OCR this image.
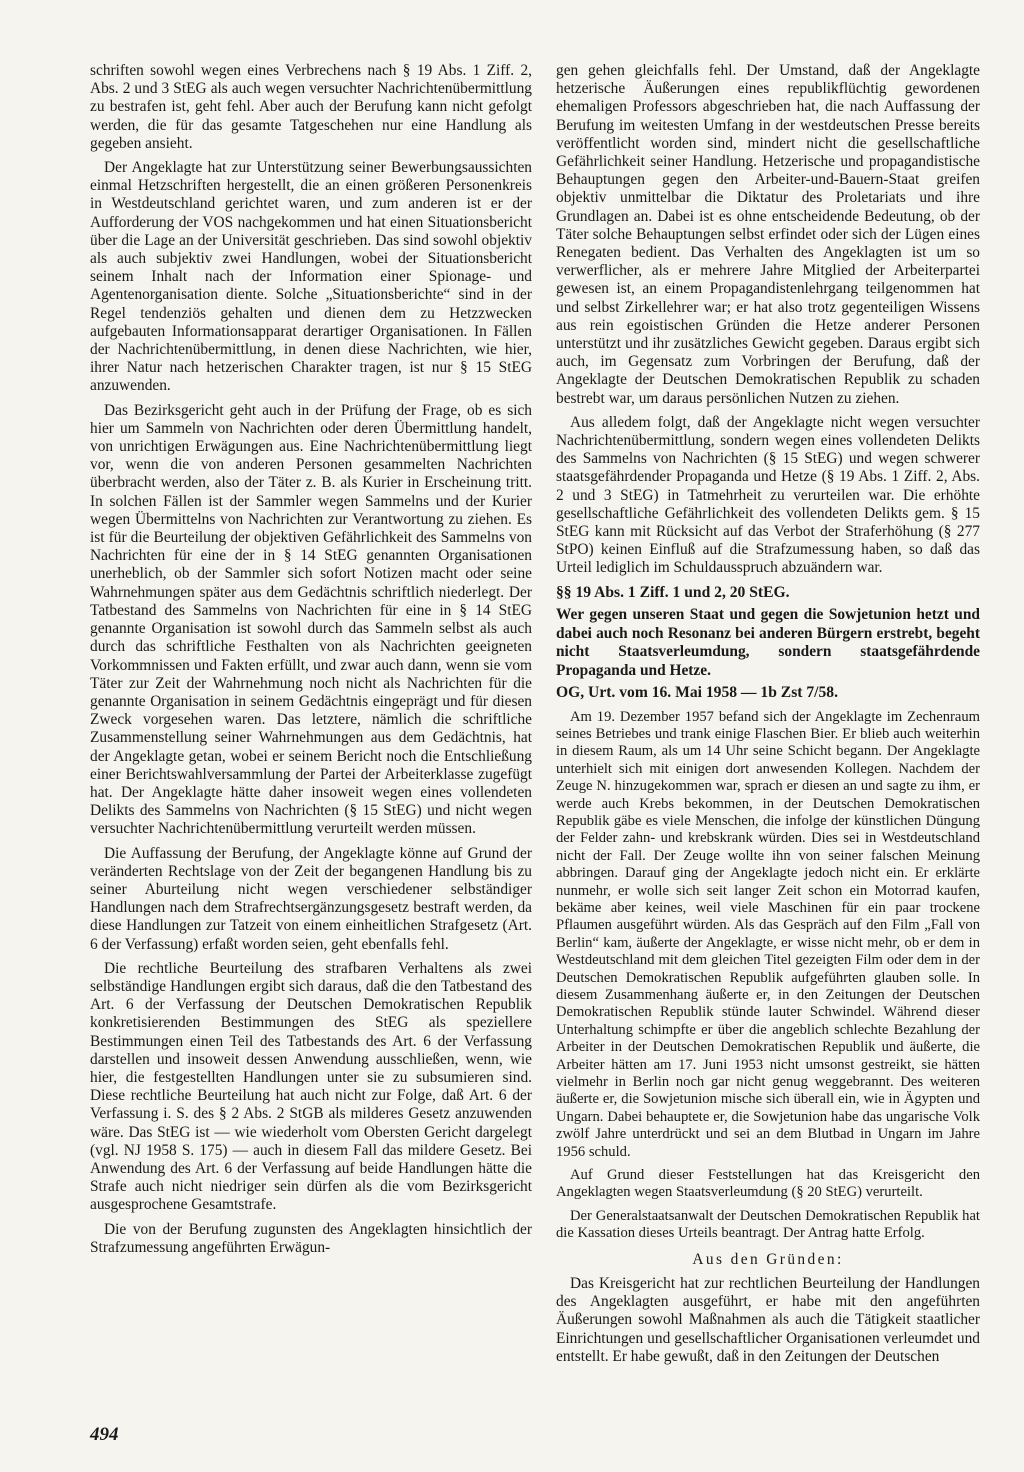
schriften sowohl wegen eines Verbrechens nach § 19 Abs. 1 Ziff. 2, Abs. 2 und 3 StEG als auch wegen versuchter Nachrichtenübermittlung zu bestrafen ist, geht fehl. Aber auch der Berufung kann nicht gefolgt werden, die für das gesamte Tatgeschehen nur eine Handlung als gegeben ansieht.

Der Angeklagte hat zur Unterstützung seiner Bewerbungsaussichten einmal Hetzschriften hergestellt, die an einen größeren Personenkreis in Westdeutschland gerichtet waren, und zum anderen ist er der Aufforderung der VOS nachgekommen und hat einen Situationsbericht über die Lage an der Universität geschrieben. Das sind sowohl objektiv als auch subjektiv zwei Handlungen, wobei der Situationsbericht seinem Inhalt nach der Information einer Spionage- und Agentenorganisation diente. Solche „Situationsberichte“ sind in der Regel tendenziös gehalten und dienen dem zu Hetzzwecken aufgebauten Informationsapparat derartiger Organisationen. In Fällen der Nachrichtenübermittlung, in denen diese Nachrichten, wie hier, ihrer Natur nach hetzerischen Charakter tragen, ist nur § 15 StEG anzuwenden.

Das Bezirksgericht geht auch in der Prüfung der Frage, ob es sich hier um Sammeln von Nachrichten oder deren Übermittlung handelt, von unrichtigen Erwägungen aus. Eine Nachrichtenübermittlung liegt vor, wenn die von anderen Personen gesammelten Nachrichten überbracht werden, also der Täter z. B. als Kurier in Erscheinung tritt. In solchen Fällen ist der Sammler wegen Sammelns und der Kurier wegen Übermittelns von Nachrichten zur Verantwortung zu ziehen. Es ist für die Beurteilung der objektiven Gefährlichkeit des Sammelns von Nachrichten für eine der in § 14 StEG genannten Organisationen unerheblich, ob der Sammler sich sofort Notizen macht oder seine Wahrnehmungen später aus dem Gedächtnis schriftlich niederlegt. Der Tatbestand des Sammelns von Nachrichten für eine in § 14 StEG genannte Organisation ist sowohl durch das Sammeln selbst als auch durch das schriftliche Festhalten von als Nachrichten geeigneten Vorkommnissen und Fakten erfüllt, und zwar auch dann, wenn sie vom Täter zur Zeit der Wahrnehmung noch nicht als Nachrichten für die genannte Organisation in seinem Gedächtnis eingeprägt und für diesen Zweck vorgesehen waren. Das letztere, nämlich die schriftliche Zusammenstellung seiner Wahrnehmungen aus dem Gedächtnis, hat der Angeklagte getan, wobei er seinem Bericht noch die Entschließung einer Berichtswahlversammlung der Partei der Arbeiterklasse zugefügt hat. Der Angeklagte hätte daher insoweit wegen eines vollendeten Delikts des Sammelns von Nachrichten (§ 15 StEG) und nicht wegen versuchter Nachrichtenübermittlung verurteilt werden müssen.

Die Auffassung der Berufung, der Angeklagte könne auf Grund der veränderten Rechtslage von der Zeit der begangenen Handlung bis zu seiner Aburteilung nicht wegen verschiedener selbständiger Handlungen nach dem Strafrechtsergänzungsgesetz bestraft werden, da diese Handlungen zur Tatzeit von einem einheitlichen Strafgesetz (Art. 6 der Verfassung) erfaßt worden seien, geht ebenfalls fehl.

Die rechtliche Beurteilung des strafbaren Verhaltens als zwei selbständige Handlungen ergibt sich daraus, daß die den Tatbestand des Art. 6 der Verfassung der Deutschen Demokratischen Republik konkretisierenden Bestimmungen des StEG als speziellere Bestimmungen einen Teil des Tatbestands des Art. 6 der Verfassung darstellen und insoweit dessen Anwendung ausschließen, wenn, wie hier, die festgestellten Handlungen unter sie zu subsumieren sind. Diese rechtliche Beurteilung hat auch nicht zur Folge, daß Art. 6 der Verfassung i. S. des § 2 Abs. 2 StGB als milderes Gesetz anzuwenden wäre. Das StEG ist — wie wiederholt vom Obersten Gericht dargelegt (vgl. NJ 1958 S. 175) — auch in diesem Fall das mildere Gesetz. Bei Anwendung des Art. 6 der Verfassung auf beide Handlungen hätte die Strafe auch nicht niedriger sein dürfen als die vom Bezirksgericht ausgesprochene Gesamtstrafe.

Die von der Berufung zugunsten des Angeklagten hinsichtlich der Strafzumessung angeführten Erwägun-

gen gehen gleichfalls fehl. Der Umstand, daß der Angeklagte hetzerische Äußerungen eines republikflüchtig gewordenen ehemaligen Professors abgeschrieben hat, die nach Auffassung der Berufung im weitesten Umfang in der westdeutschen Presse bereits veröffentlicht worden sind, mindert nicht die gesellschaftliche Gefährlichkeit seiner Handlung. Hetzerische und propagandistische Behauptungen gegen den Arbeiter-und-Bauern-Staat greifen objektiv unmittelbar die Diktatur des Proletariats und ihre Grundlagen an. Dabei ist es ohne entscheidende Bedeutung, ob der Täter solche Behauptungen selbst erfindet oder sich der Lügen eines Renegaten bedient. Das Verhalten des Angeklagten ist um so verwerflicher, als er mehrere Jahre Mitglied der Arbeiterpartei gewesen ist, an einem Propagandistenlehrgang teilgenommen hat und selbst Zirkellehrer war; er hat also trotz gegenteiligen Wissens aus rein egoistischen Gründen die Hetze anderer Personen unterstützt und ihr zusätzliches Gewicht gegeben. Daraus ergibt sich auch, im Gegensatz zum Vorbringen der Berufung, daß der Angeklagte der Deutschen Demokratischen Republik zu schaden bestrebt war, um daraus persönlichen Nutzen zu ziehen.

Aus alledem folgt, daß der Angeklagte nicht wegen versuchter Nachrichtenübermittlung, sondern wegen eines vollendeten Delikts des Sammelns von Nachrichten (§ 15 StEG) und wegen schwerer staatsgefährdender Propaganda und Hetze (§ 19 Abs. 1 Ziff. 2, Abs. 2 und 3 StEG) in Tatmehrheit zu verurteilen war. Die erhöhte gesellschaftliche Gefährlichkeit des vollendeten Delikts gem. § 15 StEG kann mit Rücksicht auf das Verbot der Straferhöhung (§ 277 StPO) keinen Einfluß auf die Strafzumessung haben, so daß das Urteil lediglich im Schuldausspruch abzuändern war.

§§ 19 Abs. 1 Ziff. 1 und 2, 20 StEG.

Wer gegen unseren Staat und gegen die Sowjetunion hetzt und dabei auch noch Resonanz bei anderen Bürgern erstrebt, begeht nicht Staatsverleumdung, sondern staatsgefährdende Propaganda und Hetze.

OG, Urt. vom 16. Mai 1958 — 1b Zst 7/58.

Am 19. Dezember 1957 befand sich der Angeklagte im Zechenraum seines Betriebes und trank einige Flaschen Bier. Er blieb auch weiterhin in diesem Raum, als um 14 Uhr seine Schicht begann. Der Angeklagte unterhielt sich mit einigen dort anwesenden Kollegen. Nachdem der Zeuge N. hinzugekommen war, sprach er diesen an und sagte zu ihm, er werde auch Krebs bekommen, in der Deutschen Demokratischen Republik gäbe es viele Menschen, die infolge der künstlichen Düngung der Felder zahn- und krebskrank würden. Dies sei in Westdeutschland nicht der Fall. Der Zeuge wollte ihn von seiner falschen Meinung abbringen. Darauf ging der Angeklagte jedoch nicht ein. Er erklärte nunmehr, er wolle sich seit langer Zeit schon ein Motorrad kaufen, bekäme aber keines, weil viele Maschinen für ein paar trockene Pflaumen ausgeführt würden. Als das Gespräch auf den Film „Fall von Berlin“ kam, äußerte der Angeklagte, er wisse nicht mehr, ob er dem in Westdeutschland mit dem gleichen Titel gezeigten Film oder dem in der Deutschen Demokratischen Republik aufgeführten glauben solle. In diesem Zusammenhang äußerte er, in den Zeitungen der Deutschen Demokratischen Republik stünde lauter Schwindel. Während dieser Unterhaltung schimpfte er über die angeblich schlechte Bezahlung der Arbeiter in der Deutschen Demokratischen Republik und äußerte, die Arbeiter hätten am 17. Juni 1953 nicht umsonst gestreikt, sie hätten vielmehr in Berlin noch gar nicht genug weggebrannt. Des weiteren äußerte er, die Sowjetunion mische sich überall ein, wie in Ägypten und Ungarn. Dabei behauptete er, die Sowjetunion habe das ungarische Volk zwölf Jahre unterdrückt und sei an dem Blutbad in Ungarn im Jahre 1956 schuld.

Auf Grund dieser Feststellungen hat das Kreisgericht den Angeklagten wegen Staatsverleumdung (§ 20 StEG) verurteilt.

Der Generalstaatsanwalt der Deutschen Demokratischen Republik hat die Kassation dieses Urteils beantragt. Der Antrag hatte Erfolg.

Aus den Gründen:

Das Kreisgericht hat zur rechtlichen Beurteilung der Handlungen des Angeklagten ausgeführt, er habe mit den angeführten Äußerungen sowohl Maßnahmen als auch die Tätigkeit staatlicher Einrichtungen und gesellschaftlicher Organisationen verleumdet und entstellt. Er habe gewußt, daß in den Zeitungen der Deutschen

494
